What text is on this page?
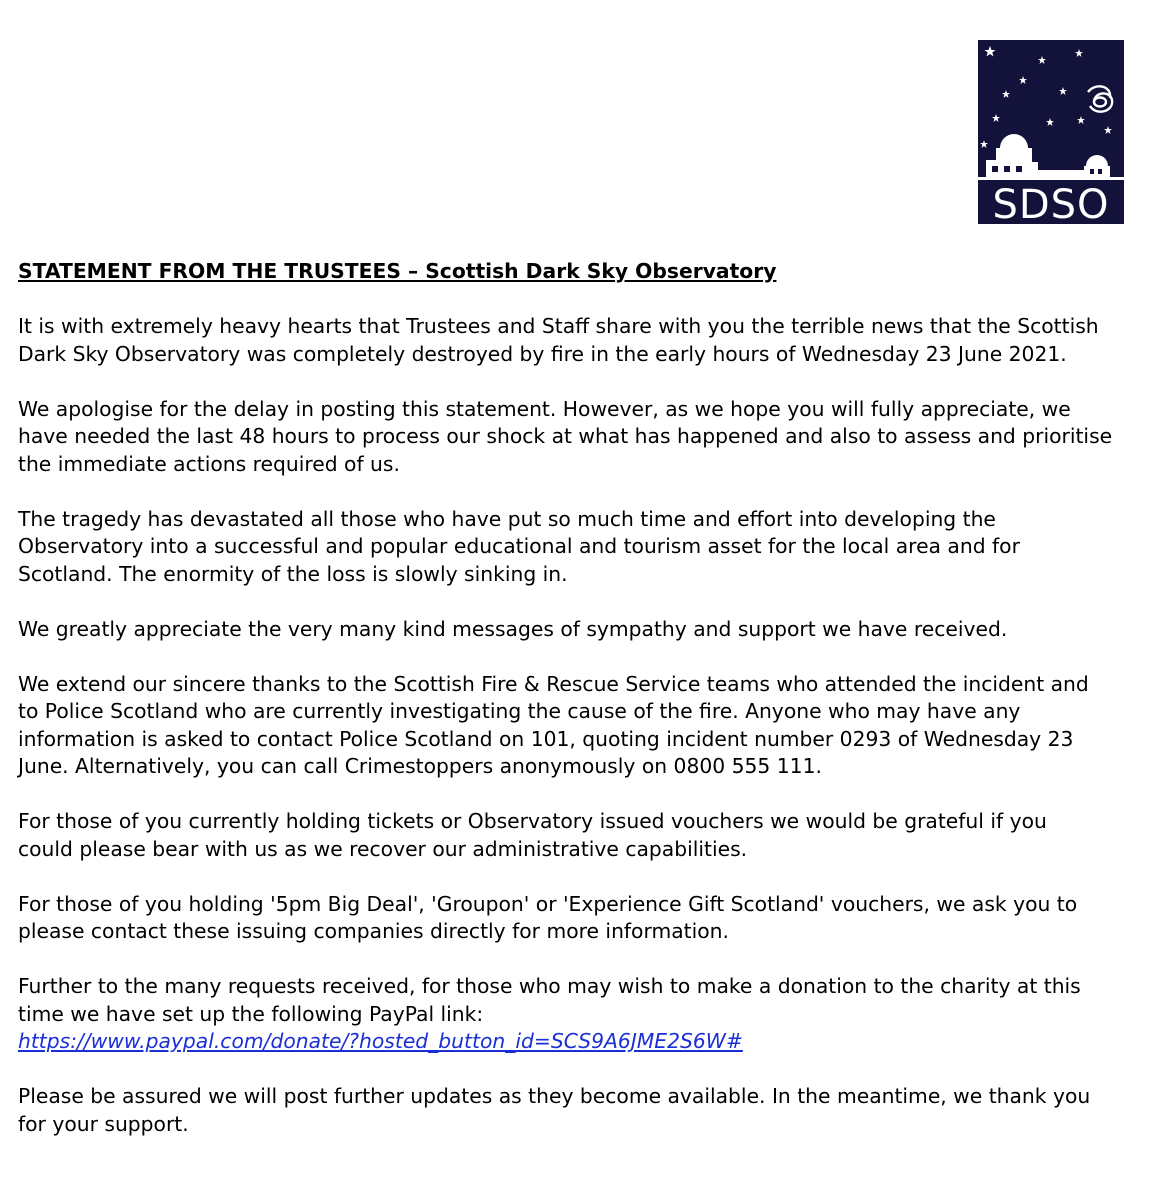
SDSO
STATEMENT FROM THE TRUSTEES – Scottish Dark Sky Observatory
It is with extremely heavy hearts that Trustees and Staff share with you the terrible news that the Scottish
Dark Sky Observatory was completely destroyed by fire in the early hours of Wednesday 23 June 2021.
We apologise for the delay in posting this statement. However, as we hope you will fully appreciate, we
have needed the last 48 hours to process our shock at what has happened and also to assess and prioritise
the immediate actions required of us.
The tragedy has devastated all those who have put so much time and effort into developing the
Observatory into a successful and popular educational and tourism asset for the local area and for
Scotland. The enormity of the loss is slowly sinking in.
We greatly appreciate the very many kind messages of sympathy and support we have received.
We extend our sincere thanks to the Scottish Fire & Rescue Service teams who attended the incident and
to Police Scotland who are currently investigating the cause of the fire. Anyone who may have any
information is asked to contact Police Scotland on 101, quoting incident number 0293 of Wednesday 23
June. Alternatively, you can call Crimestoppers anonymously on 0800 555 111.
For those of you currently holding tickets or Observatory issued vouchers we would be grateful if you
could please bear with us as we recover our administrative capabilities.
For those of you holding '5pm Big Deal', 'Groupon' or 'Experience Gift Scotland' vouchers, we ask you to
please contact these issuing companies directly for more information.
Further to the many requests received, for those who may wish to make a donation to the charity at this
time we have set up the following PayPal link:
https://www.paypal.com/donate/?hosted_button_id=SCS9A6JME2S6W#
Please be assured we will post further updates as they become available. In the meantime, we thank you
for your support.
